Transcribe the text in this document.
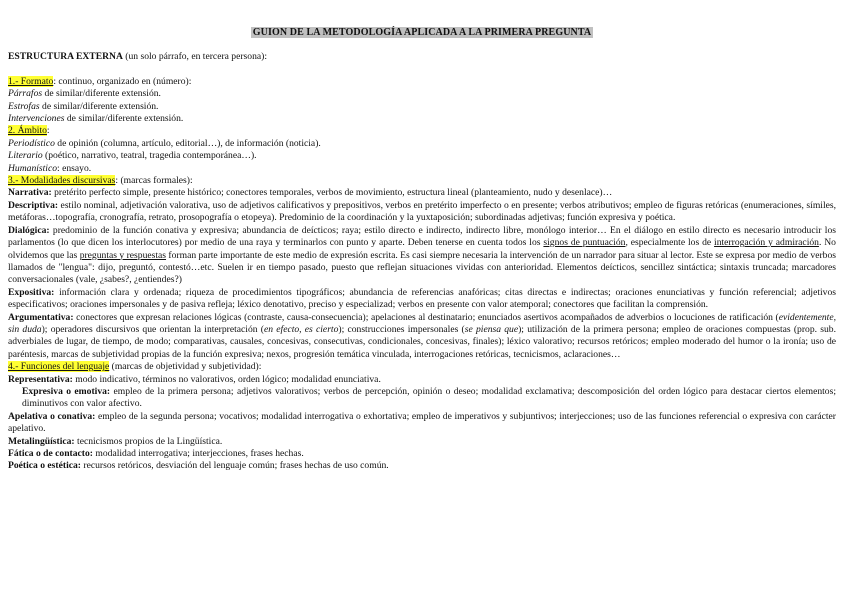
GUION DE LA METODOLOGÍA APLICADA A LA PRIMERA PREGUNTA

ESTRUCTURA EXTERNA (un solo párrafo, en tercera persona):

1.- Formato: continuo, organizado en (número):

Párrafos de similar/diferente extensión.

Estrofas de similar/diferente extensión.

Intervenciones de similar/diferente extensión.

2. Ámbito:

Periodístico de opinión (columna, artículo, editorial…), de información (noticia).

Literario (poético, narrativo, teatral, tragedia contemporánea…).

Humanístico: ensayo.

3.- Modalidades discursivas: (marcas formales):

Narrativa: pretérito perfecto simple, presente histórico; conectores temporales, verbos de movimiento, estructura lineal (planteamiento, nudo y desenlace)…

Descriptiva: estilo nominal, adjetivación valorativa, uso de adjetivos calificativos y prepositivos, verbos en pretérito imperfecto o en presente; verbos atributivos; empleo de figuras retóricas (enumeraciones, símiles, metáforas…topografía, cronografía, retrato, prosopografía o etopeya). Predominio de la coordinación y la yuxtaposición; subordinadas adjetivas; función expresiva y poética.

Dialógica: predominio de la función conativa y expresiva; abundancia de deícticos; raya; estilo directo e indirecto, indirecto libre, monólogo interior… En el diálogo en estilo directo es necesario introducir los parlamentos (lo que dicen los interlocutores) por medio de una raya y terminarlos con punto y aparte. Deben tenerse en cuenta todos los signos de puntuación, especialmente los de interrogación y admiración. No olvidemos que las preguntas y respuestas forman parte importante de este medio de expresión escrita. Es casi siempre necesaria la intervención de un narrador para situar al lector. Este se expresa por medio de verbos llamados de "lengua": dijo, preguntó, contestó…etc. Suelen ir en tiempo pasado, puesto que reflejan situaciones vividas con anterioridad. Elementos deícticos, sencillez sintáctica; sintaxis truncada; marcadores conversacionales (vale, ¿sabes?, ¿entiendes?)

Expositiva: información clara y ordenada; riqueza de procedimientos tipográficos; abundancia de referencias anafóricas; citas directas e indirectas; oraciones enunciativas y función referencial; adjetivos especificativos; oraciones impersonales y de pasiva refleja; léxico denotativo, preciso y especializad; verbos en presente con valor atemporal; conectores que facilitan la comprensión.

Argumentativa: conectores que expresan relaciones lógicas (contraste, causa-consecuencia); apelaciones al destinatario; enunciados asertivos acompañados de adverbios o locuciones de ratificación (evidentemente, sin duda); operadores discursivos que orientan la interpretación (en efecto, es cierto); construcciones impersonales (se piensa que); utilización de la primera persona; empleo de oraciones compuestas (prop. sub. adverbiales de lugar, de tiempo, de modo; comparativas, causales, concesivas, consecutivas, condicionales, concesivas, finales); léxico valorativo; recursos retóricos; empleo moderado del humor o la ironía; uso de paréntesis, marcas de subjetividad propias de la función expresiva; nexos, progresión temática vinculada, interrogaciones retóricas, tecnicismos, aclaraciones…

4.- Funciones del lenguaje (marcas de objetividad y subjetividad):

Representativa: modo indicativo, términos no valorativos, orden lógico; modalidad enunciativa.

Expresiva o emotiva: empleo de la primera persona; adjetivos valorativos; verbos de percepción, opinión o deseo; modalidad exclamativa; descomposición del orden lógico para destacar ciertos elementos; diminutivos con valor afectivo.

Apelativa o conativa: empleo de la segunda persona; vocativos; modalidad interrogativa o exhortativa; empleo de imperativos y subjuntivos; interjecciones; uso de las funciones referencial o expresiva con carácter apelativo.

Metalingüística: tecnicismos propios de la Lingüística.

Fática o de contacto: modalidad interrogativa; interjecciones, frases hechas.

Poética o estética: recursos retóricos, desviación del lenguaje común; frases hechas de uso común.
